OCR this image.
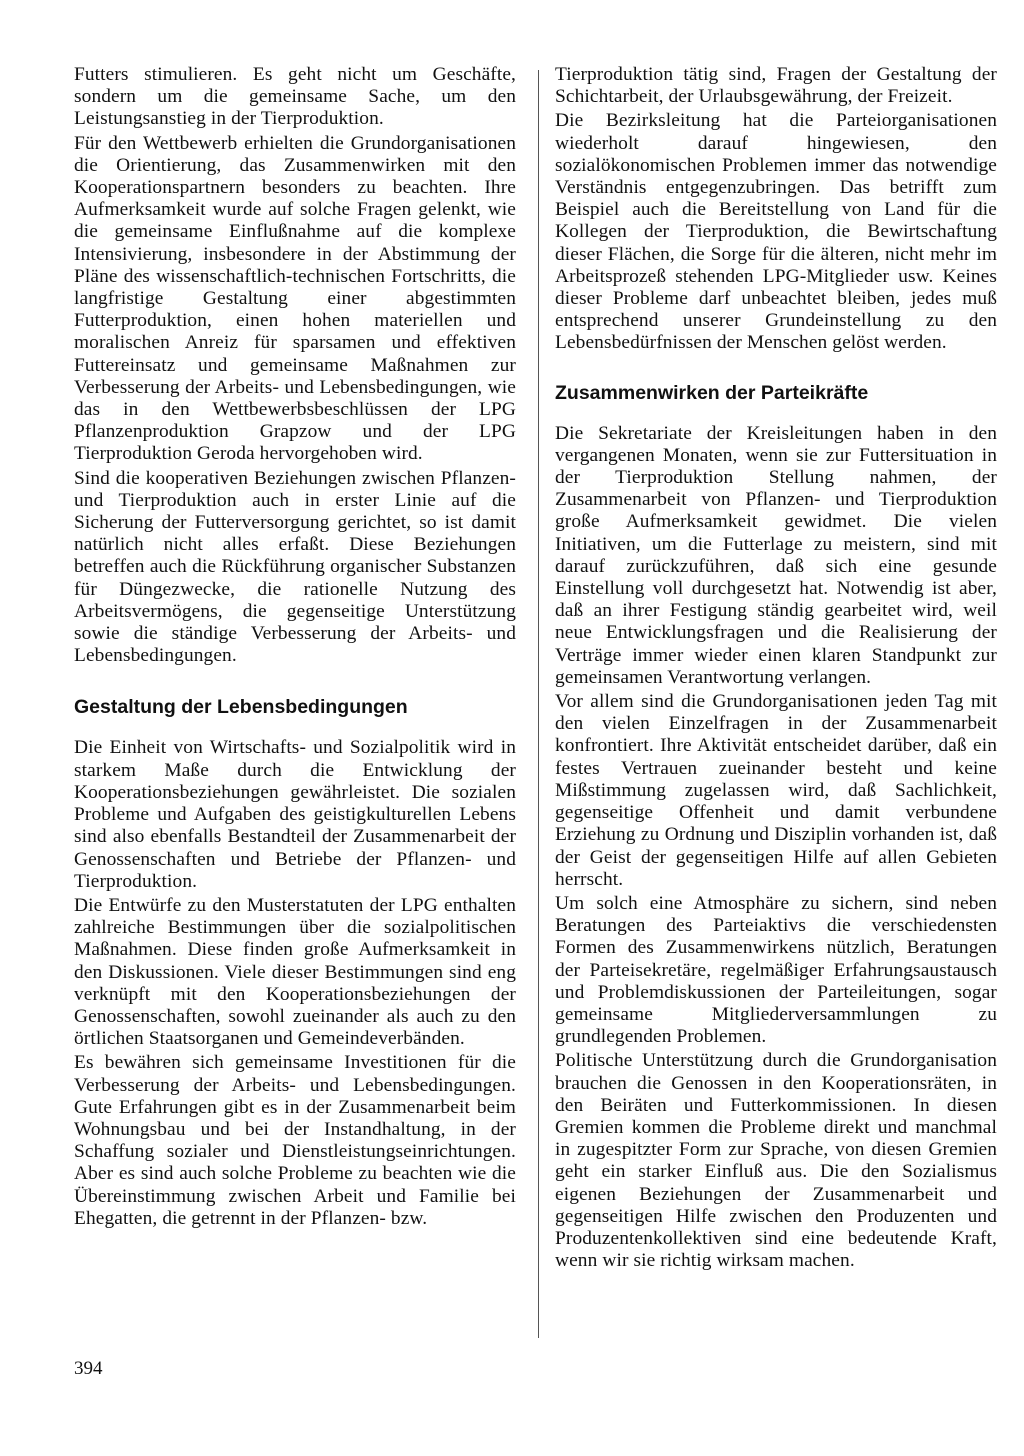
Futters stimulieren. Es geht nicht um Geschäfte, sondern um die gemeinsame Sache, um den Leistungsanstieg in der Tierproduktion.

Für den Wettbewerb erhielten die Grundorganisationen die Orientierung, das Zusammenwirken mit den Kooperationspartnern besonders zu beachten. Ihre Aufmerksamkeit wurde auf solche Fragen gelenkt, wie die gemeinsame Einflußnahme auf die komplexe Intensivierung, insbesondere in der Abstimmung der Pläne des wissenschaftlich-technischen Fortschritts, die langfristige Gestaltung einer abgestimmten Futterproduktion, einen hohen materiellen und moralischen Anreiz für sparsamen und effektiven Futtereinsatz und gemeinsame Maßnahmen zur Verbesserung der Arbeits- und Lebensbedingungen, wie das in den Wettbewerbsbeschlüssen der LPG Pflanzenproduktion Grapzow und der LPG Tierproduktion Geroda hervorgehoben wird.

Sind die kooperativen Beziehungen zwischen Pflanzen- und Tierproduktion auch in erster Linie auf die Sicherung der Futterversorgung gerichtet, so ist damit natürlich nicht alles erfaßt. Diese Beziehungen betreffen auch die Rückführung organischer Substanzen für Düngezwecke, die rationelle Nutzung des Arbeitsvermögens, die gegenseitige Unterstützung sowie die ständige Verbesserung der Arbeits- und Lebensbedingungen.

Gestaltung der Lebensbedingungen

Die Einheit von Wirtschafts- und Sozialpolitik wird in starkem Maße durch die Entwicklung der Kooperationsbeziehungen gewährleistet. Die sozialen Probleme und Aufgaben des geistigkulturellen Lebens sind also ebenfalls Bestandteil der Zusammenarbeit der Genossenschaften und Betriebe der Pflanzen- und Tierproduktion.

Die Entwürfe zu den Musterstatuten der LPG enthalten zahlreiche Bestimmungen über die sozialpolitischen Maßnahmen. Diese finden große Aufmerksamkeit in den Diskussionen. Viele dieser Bestimmungen sind eng verknüpft mit den Kooperationsbeziehungen der Genossenschaften, sowohl zueinander als auch zu den örtlichen Staatsorganen und Gemeindeverbänden.

Es bewähren sich gemeinsame Investitionen für die Verbesserung der Arbeits- und Lebensbedingungen. Gute Erfahrungen gibt es in der Zusammenarbeit beim Wohnungsbau und bei der Instandhaltung, in der Schaffung sozialer und Dienstleistungseinrichtungen. Aber es sind auch solche Probleme zu beachten wie die Übereinstimmung zwischen Arbeit und Familie bei Ehegatten, die getrennt in der Pflanzen- bzw.

Tierproduktion tätig sind, Fragen der Gestaltung der Schichtarbeit, der Urlaubsgewährung, der Freizeit.

Die Bezirksleitung hat die Parteiorganisationen wiederholt darauf hingewiesen, den sozialökonomischen Problemen immer das notwendige Verständnis entgegenzubringen. Das betrifft zum Beispiel auch die Bereitstellung von Land für die Kollegen der Tierproduktion, die Bewirtschaftung dieser Flächen, die Sorge für die älteren, nicht mehr im Arbeitsprozeß stehenden LPG-Mitglieder usw. Keines dieser Probleme darf unbeachtet bleiben, jedes muß entsprechend unserer Grundeinstellung zu den Lebensbedürfnissen der Menschen gelöst werden.

Zusammenwirken der Parteikräfte

Die Sekretariate der Kreisleitungen haben in den vergangenen Monaten, wenn sie zur Futtersituation in der Tierproduktion Stellung nahmen, der Zusammenarbeit von Pflanzen- und Tierproduktion große Aufmerksamkeit gewidmet. Die vielen Initiativen, um die Futterlage zu meistern, sind mit darauf zurückzuführen, daß sich eine gesunde Einstellung voll durchgesetzt hat. Notwendig ist aber, daß an ihrer Festigung ständig gearbeitet wird, weil neue Entwicklungsfragen und die Realisierung der Verträge immer wieder einen klaren Standpunkt zur gemeinsamen Verantwortung verlangen.

Vor allem sind die Grundorganisationen jeden Tag mit den vielen Einzelfragen in der Zusammenarbeit konfrontiert. Ihre Aktivität entscheidet darüber, daß ein festes Vertrauen zueinander besteht und keine Mißstimmung zugelassen wird, daß Sachlichkeit, gegenseitige Offenheit und damit verbundene Erziehung zu Ordnung und Disziplin vorhanden ist, daß der Geist der gegenseitigen Hilfe auf allen Gebieten herrscht.

Um solch eine Atmosphäre zu sichern, sind neben Beratungen des Parteiaktivs die verschiedensten Formen des Zusammenwirkens nützlich, Beratungen der Parteisekretäre, regelmäßiger Erfahrungsaustausch und Problemdiskussionen der Parteileitungen, sogar gemeinsame Mitgliederversammlungen zu grundlegenden Problemen.

Politische Unterstützung durch die Grundorganisation brauchen die Genossen in den Kooperationsräten, in den Beiräten und Futterkommissionen. In diesen Gremien kommen die Probleme direkt und manchmal in zugespitzter Form zur Sprache, von diesen Gremien geht ein starker Einfluß aus. Die den Sozialismus eigenen Beziehungen der Zusammenarbeit und gegenseitigen Hilfe zwischen den Produzenten und Produzentenkollektiven sind eine bedeutende Kraft, wenn wir sie richtig wirksam machen.

394
